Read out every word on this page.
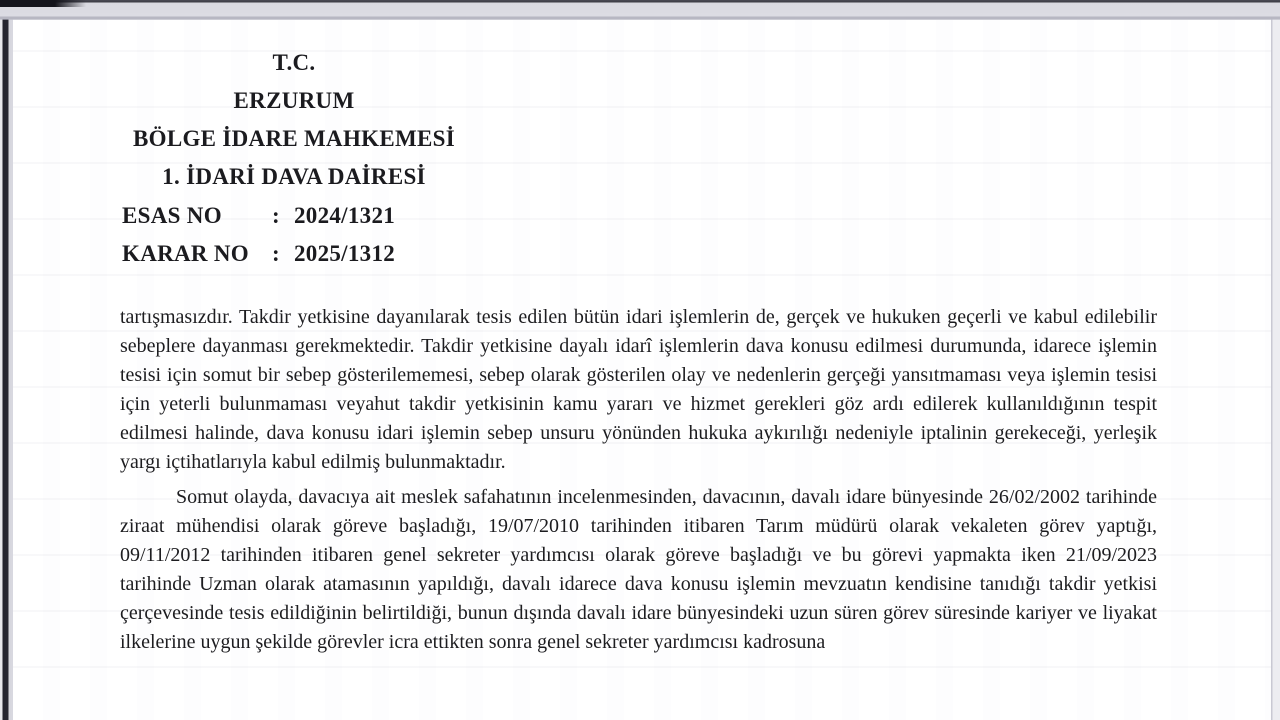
T.C.
ERZURUM
BÖLGE İDARE MAHKEMESİ
1. İDARİ DAVA DAİRESİ
ESAS NO	: 2024/1321
KARAR NO	: 2025/1312

tartışmasızdır. Takdir yetkisine dayanılarak tesis edilen bütün idari işlemlerin de, gerçek ve hukuken geçerli ve kabul edilebilir sebeplere dayanması gerekmektedir. Takdir yetkisine dayalı idarî işlemlerin dava konusu edilmesi durumunda, idarece işlemin tesisi için somut bir sebep gösterilememesi, sebep olarak gösterilen olay ve nedenlerin gerçeği yansıtmaması veya işlemin tesisi için yeterli bulunmaması veyahut takdir yetkisinin kamu yararı ve hizmet gerekleri göz ardı edilerek kullanıldığının tespit edilmesi halinde, dava konusu idari işlemin sebep unsuru yönünden hukuka aykırılığı nedeniyle iptalinin gerekeceği, yerleşik yargı içtihatlarıyla kabul edilmiş bulunmaktadır.

Somut olayda, davacıya ait meslek safahatının incelenmesinden, davacının, davalı idare bünyesinde 26/02/2002 tarihinde ziraat mühendisi olarak göreve başladığı, 19/07/2010 tarihinden itibaren Tarım müdürü olarak vekaleten görev yaptığı, 09/11/2012 tarihinden itibaren genel sekreter yardımcısı olarak göreve başladığı ve bu görevi yapmakta iken 21/09/2023 tarihinde Uzman olarak atamasının yapıldığı, davalı idarece dava konusu işlemin mevzuatın kendisine tanıdığı takdir yetkisi çerçevesinde tesis edildiğinin belirtildiği, bunun dışında davalı idare bünyesindeki uzun süren görev süresinde kariyer ve liyakat ilkelerine uygun şekilde görevler icra ettikten sonra genel sekreter yardımcısı kadrosuna
